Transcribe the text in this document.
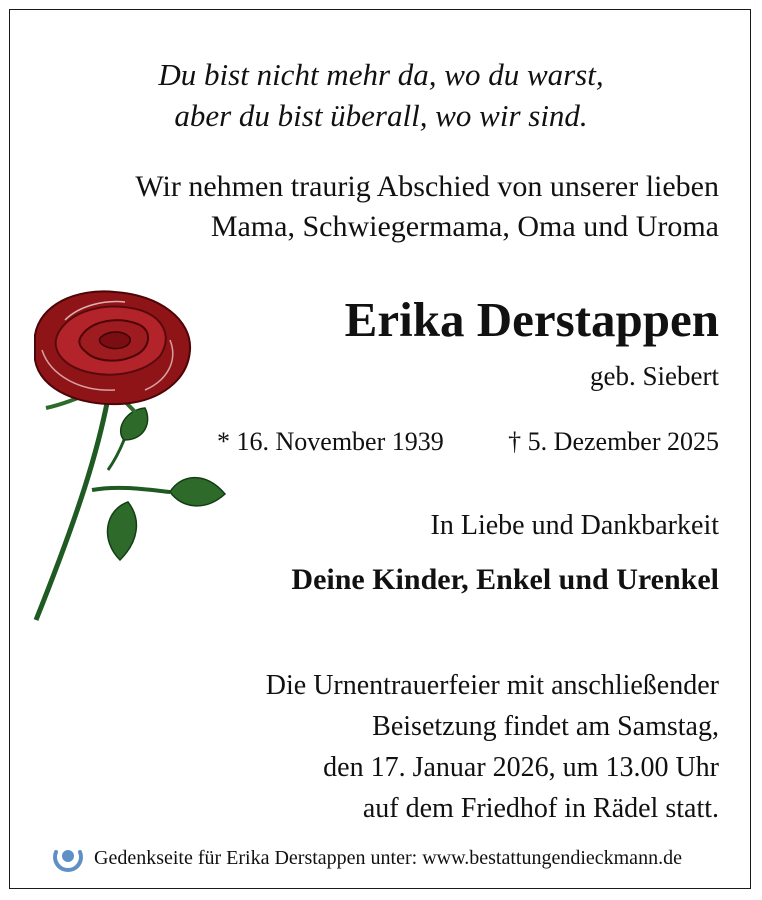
Du bist nicht mehr da, wo du warst,
aber du bist überall, wo wir sind.
Wir nehmen traurig Abschied von unserer lieben
Mama, Schwiegermama, Oma und Uroma
Erika Derstappen
geb. Siebert
* 16. November 1939 † 5. Dezember 2025
In Liebe und Dankbarkeit
Deine Kinder, Enkel und Urenkel
Die Urnentrauerfeier mit anschließender
Beisetzung findet am Samstag,
den 17. Januar 2026, um 13.00 Uhr
auf dem Friedhof in Rädel statt.
Gedenkseite für Erika Derstappen unter: www.bestattungendieckmann.de
